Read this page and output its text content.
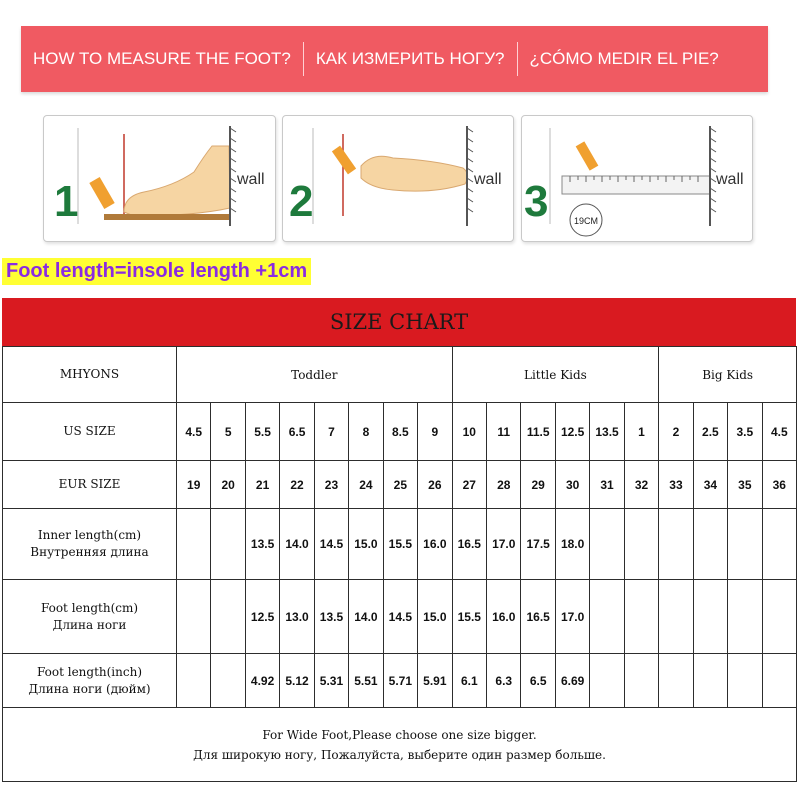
HOW TO MEASURE THE FOOT?	КАК ИЗМЕРИТЬ НОГУ?	¿CÓMO MEDIR EL PIE?
1	wall 2	wall 3	19CM
wall
Foot length=insole length +1cm
SIZE CHART
MHYONS	Toddler								Little Kids						Big Kids			
US SIZE	4.5	5	5.5	6.5	7	8	8.5	9	10	11	11.5	12.5	13.5	1	2	2.5	3.5	4.5
EUR SIZE	19	20	21	22	23	24	25	26	27	28	29	30	31	32	33	34	35	36

Inner length(cm)
Внутренняя длина			13.5	14.0	14.5	15.0	15.5	16.0	16.5	17.0	17.5	18.0						

Foot length(cm)
Длина ноги			12.5	13.0	13.5	14.0	14.5	15.0	15.5	16.0	16.5	17.0						

Foot length(inch)
Длина ноги (дюйм)			4.92	5.12	5.31	5.51	5.71	5.91	6.1	6.3	6.5	6.69						

For Wide Foot,Please choose one size bigger.
Для широкую ногу, Пожалуйста, выберите один размер больше.																		
